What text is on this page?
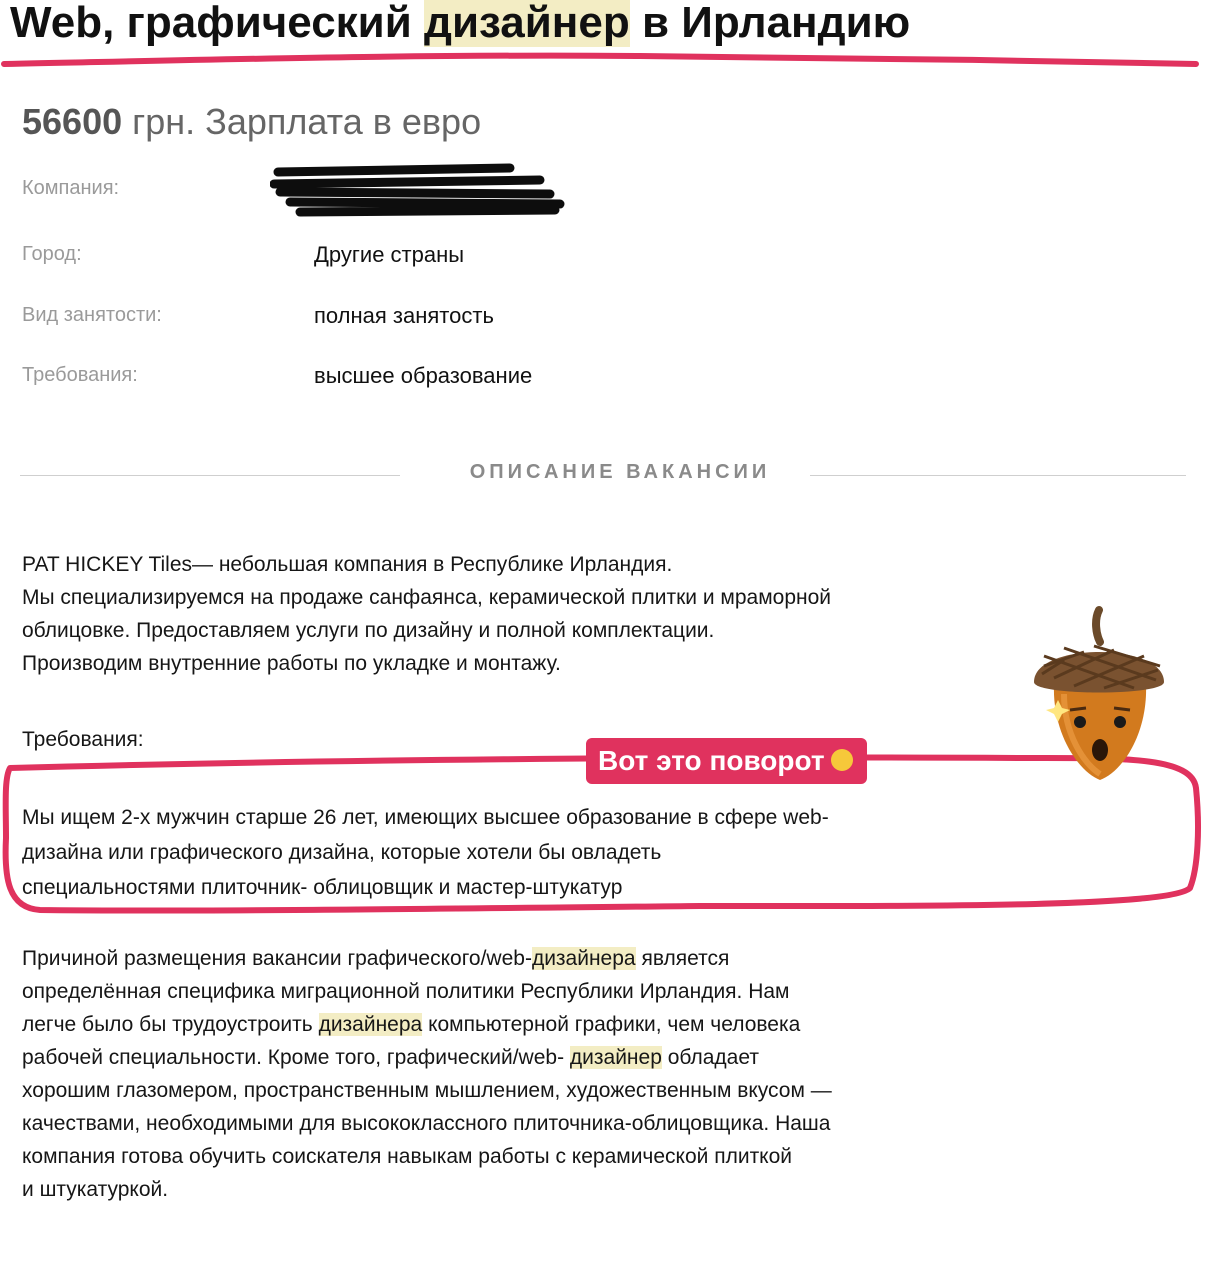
Web, графический дизайнер в Ирландию
56600 грн. Зарплата в евро
Компания:
Город:	Другие страны
Вид занятости:	полная занятость
Требования:	высшее образование
ОПИСАНИЕ ВАКАНСИИ
PAT HICKEY Tiles— небольшая компания в Республике Ирландия.
Мы специализируемся на продаже санфаянса, керамической плитки и мраморной
облицовке. Предоставляем услуги по дизайну и полной комплектации.
Производим внутренние работы по укладке и монтажу.
Требования:
Вот это поворот
Мы ищем 2-х мужчин старше 26 лет, имеющих высшее образование в сфере web-
дизайна или графического дизайна, которые хотели бы овладеть
специальностями плиточник- облицовщик и мастер-штукатур
Причиной размещения вакансии графического/web-дизайнера является
определённая специфика миграционной политики Республики Ирландия. Нам
легче было бы трудоустроить дизайнера компьютерной графики, чем человека
рабочей специальности. Кроме того, графический/web- дизайнер обладает
хорошим глазомером, пространственным мышлением, художественным вкусом —
качествами, необходимыми для высококлассного плиточника-облицовщика. Наша
компания готова обучить соискателя навыкам работы с керамической плиткой
и штукатуркой.
